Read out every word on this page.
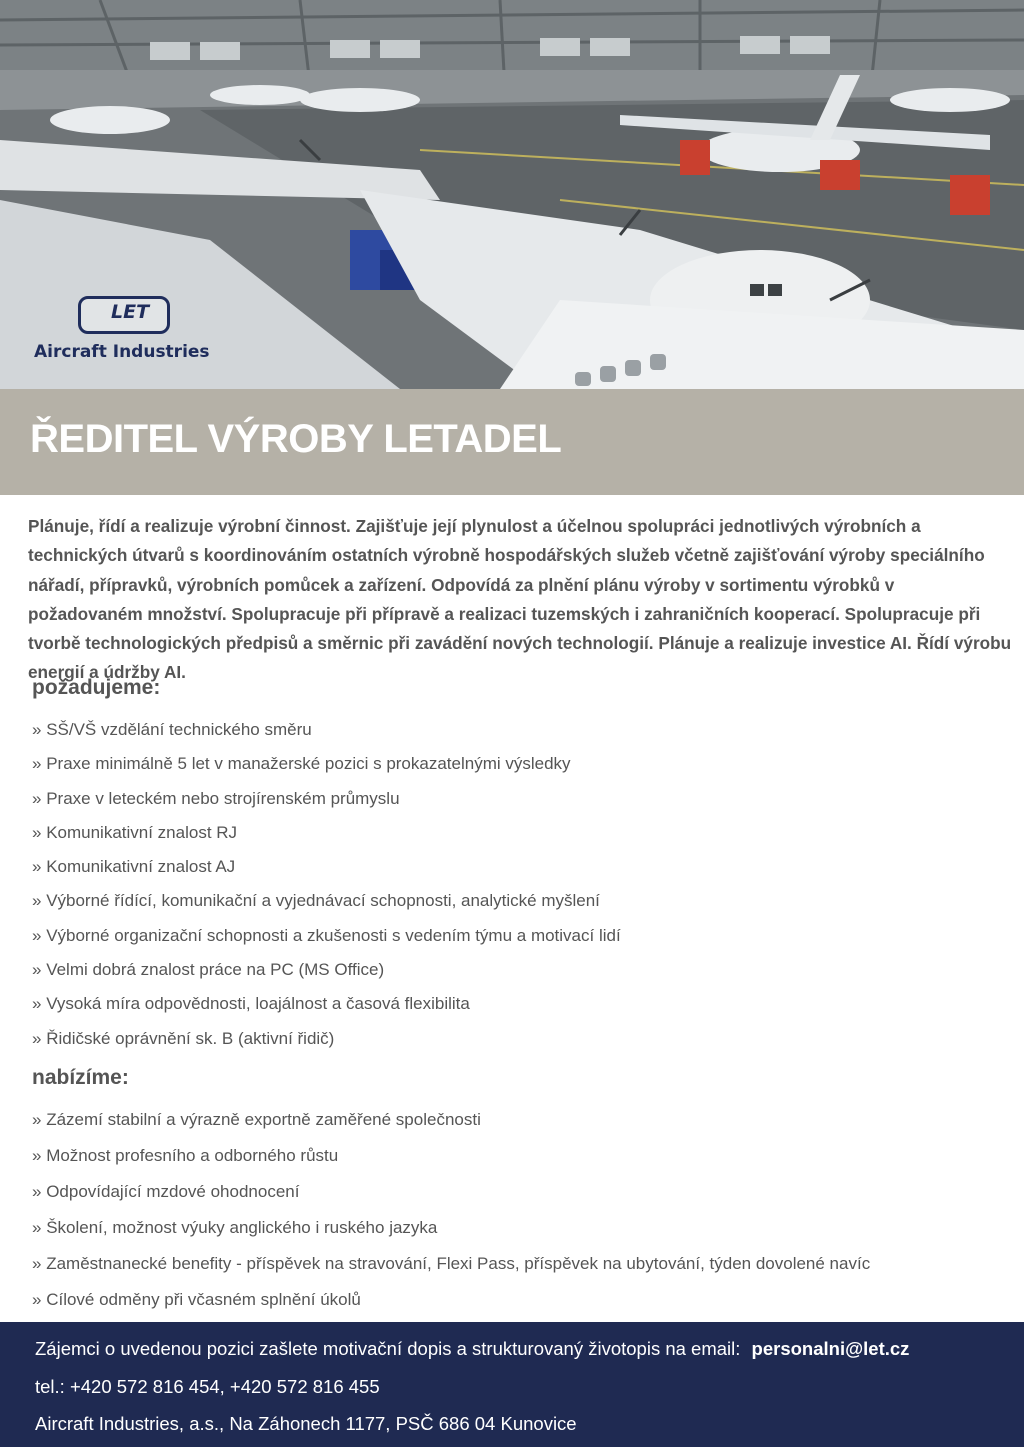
LET
Aircraft Industries
ŘEDITEL VÝROBY LETADEL

Plánuje, řídí a realizuje výrobní činnost. Zajišťuje její plynulost a účelnou spolupráci jednotlivých výrobních a technických útvarů s koordinováním ostatních výrobně hospodářských služeb včetně zajišťování výroby speciálního nářadí, přípravků, výrobních pomůcek a zařízení. Odpovídá za plnění plánu výroby v sortimentu výrobků v požadovaném množství. Spolupracuje při přípravě a realizaci tuzemských i zahraničních kooperací. Spolupracuje při tvorbě technologických předpisů a směrnic při zavádění nových technologií. Plánuje a realizuje investice AI. Řídí výrobu energií a údržby AI.

požadujeme:
» SŠ/VŠ vzdělání technického směru
» Praxe minimálně 5 let v manažerské pozici s prokazatelnými výsledky
» Praxe v leteckém nebo strojírenském průmyslu
» Komunikativní znalost RJ
» Komunikativní znalost AJ
» Výborné řídící, komunikační a vyjednávací schopnosti, analytické myšlení
» Výborné organizační schopnosti a zkušenosti s vedením týmu a motivací lidí
» Velmi dobrá znalost práce na PC (MS Office)
» Vysoká míra odpovědnosti, loajálnost a časová flexibilita
» Řidičské oprávnění sk. B (aktivní řidič)
nabízíme:
» Zázemí stabilní a výrazně exportně zaměřené společnosti
» Možnost profesního a odborného růstu
» Odpovídající mzdové ohodnocení
» Školení, možnost výuky anglického i ruského jazyka
» Zaměstnanecké benefity - příspěvek na stravování, Flexi Pass, příspěvek na ubytování, týden dovolené navíc
» Cílové odměny při včasném splnění úkolů
Zájemci o uvedenou pozici zašlete motivační dopis a strukturovaný životopis na email: personalni@let.cz
tel.: +420 572 816 454, +420 572 816 455
Aircraft Industries, a.s., Na Záhonech 1177, PSČ 686 04 Kunovice
